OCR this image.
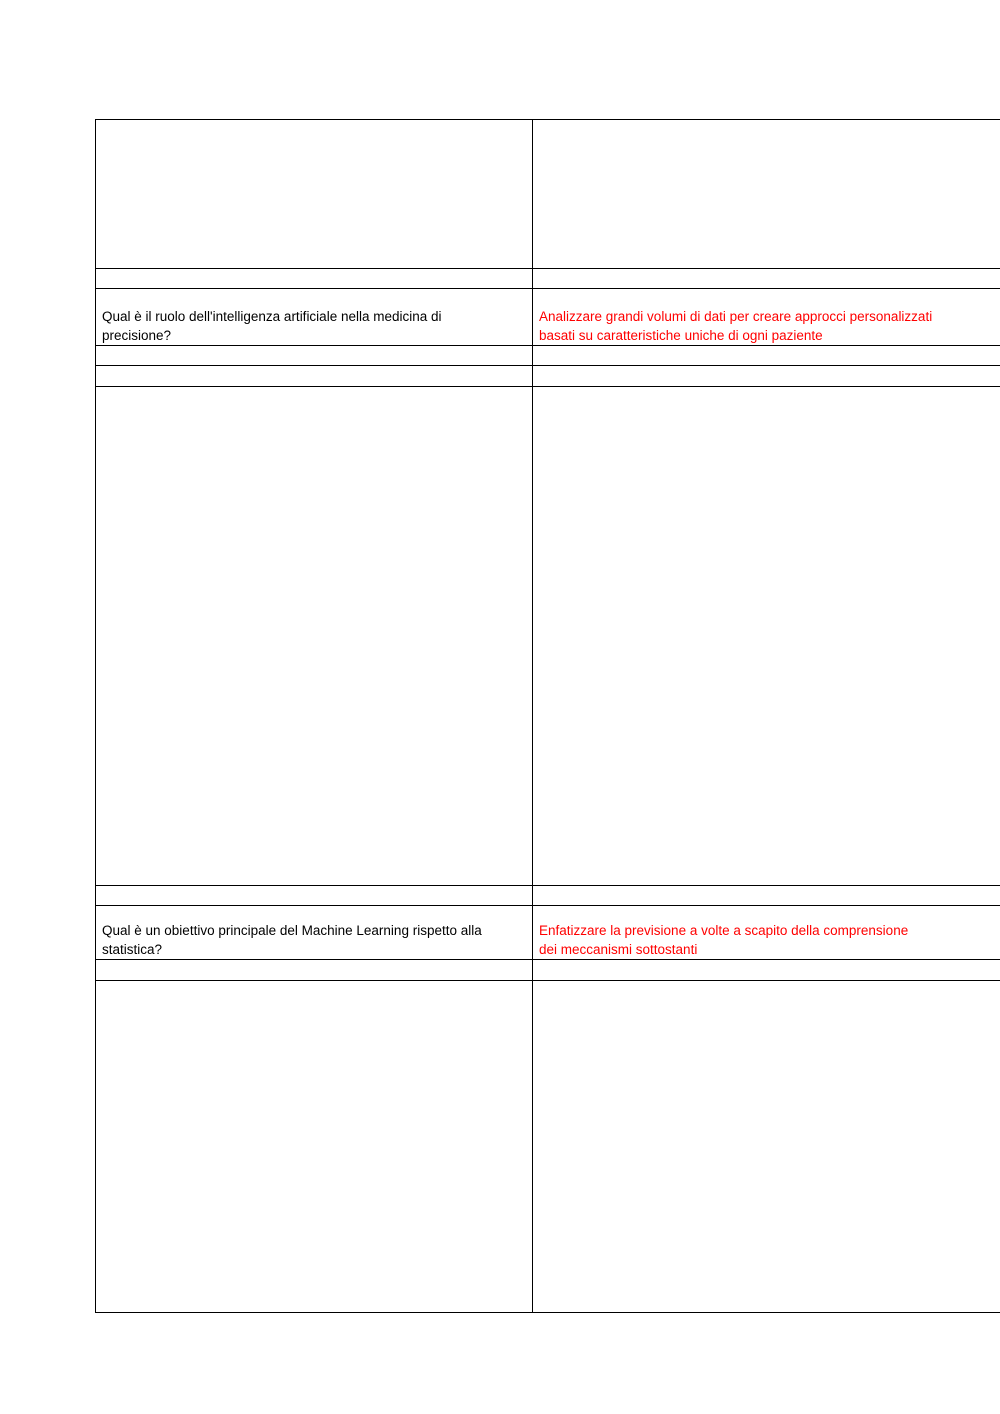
Qual è il ruolo dell'intelligenza artificiale nella medicina di
precisione?	Analizzare grandi volumi di dati per creare approcci personalizzati
basati su caratteristiche uniche di ogni paziente

Qual è un obiettivo principale del Machine Learning rispetto alla
statistica?	Enfatizzare la previsione a volte a scapito della comprensione
dei meccanismi sottostanti
